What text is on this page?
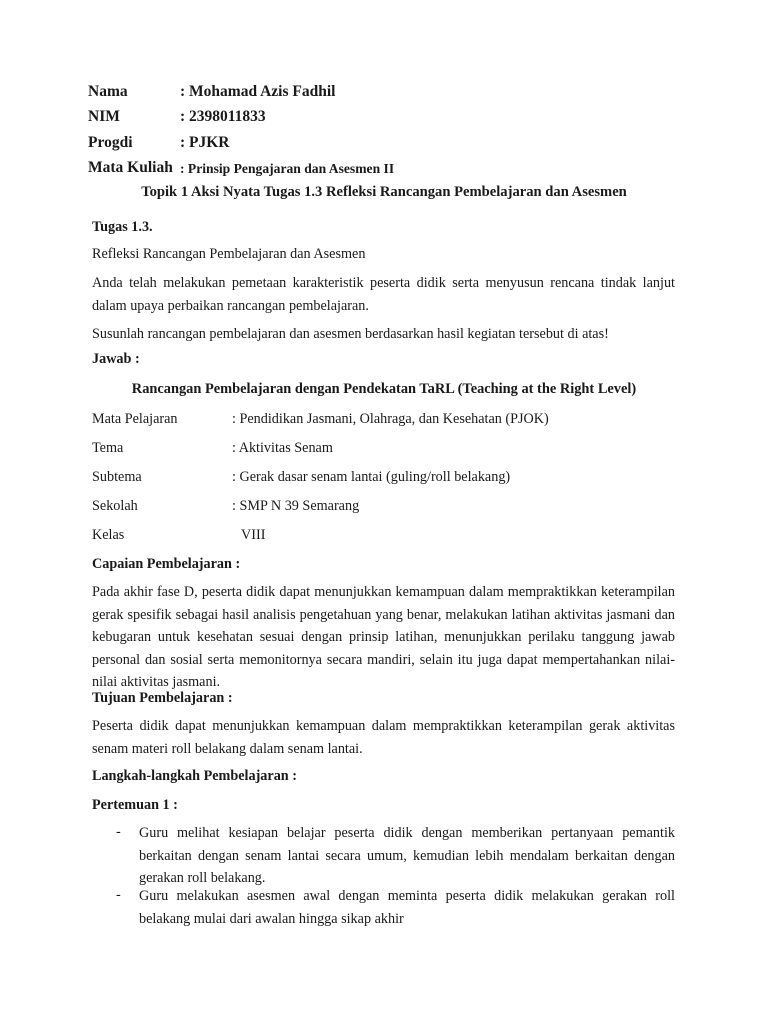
Nama	: Mohamad Azis Fadhil
NIM	: 2398011833
Progdi	: PJKR
Mata Kuliah : Prinsip Pengajaran dan Asesmen II
Topik 1 Aksi Nyata Tugas 1.3 Refleksi Rancangan Pembelajaran dan Asesmen
Tugas 1.3.
Refleksi Rancangan Pembelajaran dan Asesmen
Anda telah melakukan pemetaan karakteristik peserta didik serta menyusun rencana tindak lanjut dalam upaya perbaikan rancangan pembelajaran.
Susunlah rancangan pembelajaran dan asesmen berdasarkan hasil kegiatan tersebut di atas!
Jawab :
Rancangan Pembelajaran dengan Pendekatan TaRL (Teaching at the Right Level)
Mata Pelajaran	: Pendidikan Jasmani, Olahraga, dan Kesehatan (PJOK)
Tema	: Aktivitas Senam
Subtema	: Gerak dasar senam lantai (guling/roll belakang)
Sekolah	: SMP N 39 Semarang
Kelas	VIII
Capaian Pembelajaran :
Pada akhir fase D, peserta didik dapat menunjukkan kemampuan dalam mempraktikkan keterampilan gerak spesifik sebagai hasil analisis pengetahuan yang benar, melakukan latihan aktivitas jasmani dan kebugaran untuk kesehatan sesuai dengan prinsip latihan, menunjukkan perilaku tanggung jawab personal dan sosial serta memonitornya secara mandiri, selain itu juga dapat mempertahankan nilai-nilai aktivitas jasmani.
Tujuan Pembelajaran :
Peserta didik dapat menunjukkan kemampuan dalam mempraktikkan keterampilan gerak aktivitas senam materi roll belakang dalam senam lantai.
Langkah-langkah Pembelajaran :
Pertemuan 1 :
- Guru melihat kesiapan belajar peserta didik dengan memberikan pertanyaan pemantik berkaitan dengan senam lantai secara umum, kemudian lebih mendalam berkaitan dengan gerakan roll belakang.
- Guru melakukan asesmen awal dengan meminta peserta didik melakukan gerakan roll belakang mulai dari awalan hingga sikap akhir
